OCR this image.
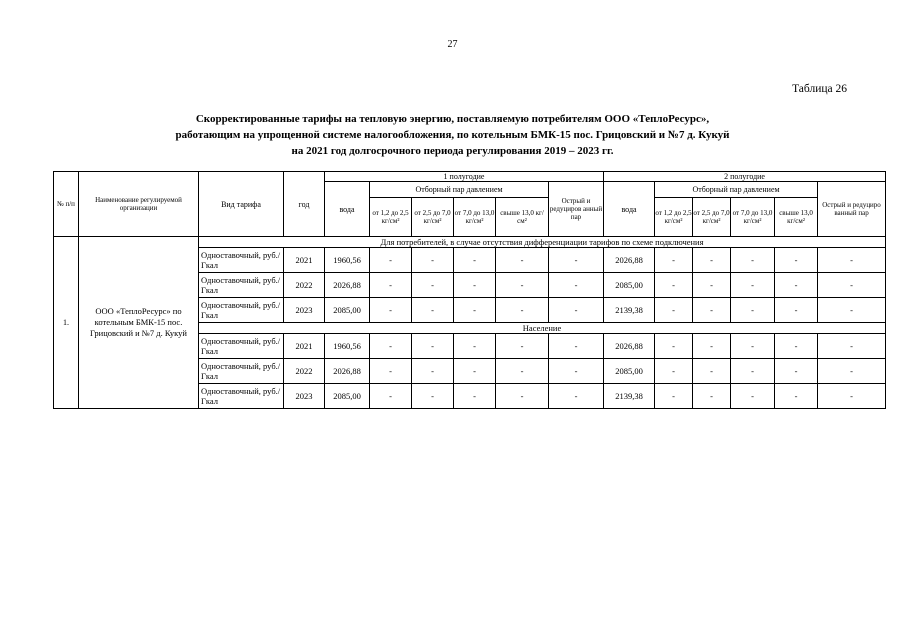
27
Таблица 26
Скорректированные тарифы на тепловую энергию, поставляемую потребителям ООО «ТеплоРесурс»,
работающим на упрощенной системе налогообложения, по котельным БМК-15 пос. Грицовский и №7 д. Кукуй
на 2021 год долгосрочного периода регулирования 2019 – 2023 гг.
№ п/п	Наименование регулируемой организации	Вид тарифа	год	1 полугодие						2 полугодие					
				вода	Отборный пар давлением				Острый и редуциров анный пар	вода	Отборный пар давлением				Острый и редуциро ванный пар
					от 1,2 до 2,5 кг/см²	от 2,5 до 7,0 кг/см²	от 7,0 до 13,0 кг/см²	свыше 13,0 кг/см²			от 1,2 до 2,5 кг/см²	от 2,5 до 7,0 кг/см²	от 7,0 до 13,0 кг/см²	свыше 13,0 кг/см²	
1.	ООО «ТеплоРесурс» по котельным БМК-15 пос. Грицовский и №7 д. Кукуй	Для потребителей, в случае отсутствия дифференциации тарифов по схеме подключения													
		Одноставочный, руб./Гкал	2021	1960,56	-	-	-	-	-	2026,88	-	-	-	-	-
		Одноставочный, руб./Гкал	2022	2026,88	-	-	-	-	-	2085,00	-	-	-	-	-
		Одноставочный, руб./Гкал	2023	2085,00	-	-	-	-	-	2139,38	-	-	-	-	-
		Население													
		Одноставочный, руб./Гкал	2021	1960,56	-	-	-	-	-	2026,88	-	-	-	-	-
		Одноставочный, руб./Гкал	2022	2026,88	-	-	-	-	-	2085,00	-	-	-	-	-
		Одноставочный, руб./Гкал	2023	2085,00	-	-	-	-	-	2139,38	-	-	-	-	-
